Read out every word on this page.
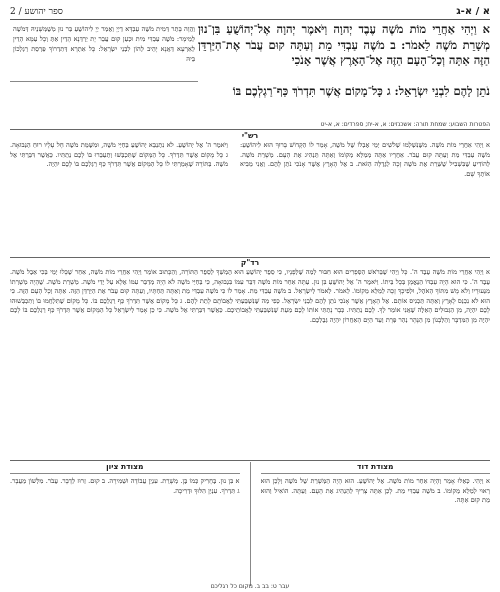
א / א-ג
ספר יהושע / 2
וַהֲוָה בָּתַר דְּמִית מֹשֶׁה עַבְדָּא דַיְיָ וַאֲמַר יְיָ לִיהוֹשֻׁעַ בַּר נוּן מְשֻׁמְּשָׁנֵיהּ דְּמֹשֶׁה לְמֵימָר: מֹשֶׁה עַבְדִּי מִית וּכְעַן קוּם עֲבַר יָת יַרְדְּנָא הָדֵין אַתְּ וְכָל עַמָּא הָדֵין לְאַרְעָא דַּאֲנָא יָהֵיב לְהוֹן לִבְנֵי יִשְׂרָאֵל: כָּל אַתְרָא דְּתִדְרוֹךְ פַּרְסַת רַגְלְכוֹן בֵּיהּ
א וַיְהִי אַחֲרֵי מוֹת מֹשֶׁה עֶבֶד יְהוָה וַיֹּאמֶר יְהוָה אֶל־יְהוֹשֻׁעַ בִּן־נוּן מְשָׁרֵת מֹשֶׁה לֵאמֹר: ב מֹשֶׁה עַבְדִּי מֵת וְעַתָּה קוּם עֲבֹר אֶת־הַיַּרְדֵּן הַזֶּה אַתָּה וְכָל־הָעָם הַזֶּה אֶל־הָאָרֶץ אֲשֶׁר אָנֹכִי
נֹתֵן לָהֶם לִבְנֵי יִשְׂרָאֵל: ג כָּל־מָקוֹם אֲשֶׁר תִּדְרֹךְ כַּף־רַגְלְכֶם בּוֹ
הפטרות השבוע: שמחת תורה: אשכנזים: א, א-יח; ספרדים: א, א-יט
רש"י
א וַיְהִי אַחֲרֵי מוֹת מֹשֶׁה. מִשֶּׁנִּשְׁלְמוּ שְׁלֹשִׁים יְמֵי אֶבְלוֹ שֶׁל מֹשֶׁה, אָמַר לוֹ הַקָּדוֹשׁ בָּרוּךְ הוּא לִיהוֹשֻׁעַ: מֹשֶׁה עַבְדִּי מֵת וְעַתָּה קוּם עֲבֹר. אַחֲרָיו אַתָּה מְמַלֵּא מְקוֹמוֹ וְאַתָּה תַּנְהִיג אֶת הָעָם. מְשָׁרֵת מֹשֶׁה. לְהוֹדִיעַ שֶׁבִּשְׁבִיל שֶׁשֵּׁרֵת אֶת מֹשֶׁה זָכָה לַגְּדֻלָּה הַזֹּאת. ב אֶל הָאָרֶץ אֲשֶׁר אָנֹכִי נֹתֵן לָהֶם. וַאֲנִי מֵבִיא אוֹתְךָ שָׁם.
וַיֹּאמֶר ה' אֶל יְהוֹשֻׁעַ. לֹא נִתְנַבֵּא יְהוֹשֻׁעַ בְּחַיֵּי מֹשֶׁה, וּמִשֶּׁמֵּת מֹשֶׁה חָל עָלָיו רוּחַ הַנְּבוּאָה. ג כָּל מָקוֹם אֲשֶׁר תִּדְרֹךְ. כָּל הַמָּקוֹם שֶׁתִּכְבְּשׁוּ וְתַעַבְרוּ בּוֹ לָכֶם נְתַתִּיו. כַּאֲשֶׁר דִּבַּרְתִּי אֶל מֹשֶׁה. בַּתּוֹרָה שֶׁאָמַרְתִּי לוֹ כָּל הַמָּקוֹם אֲשֶׁר תִּדְרֹךְ כַּף רַגְלְכֶם בּוֹ לָכֶם יִהְיֶה.
רד"ק
א וַיְהִי אַחֲרֵי מוֹת מֹשֶׁה עֶבֶד ה'. כָּל וַיְהִי שֶׁבְּרֹאשׁ הַסְּפָרִים הוּא חִבּוּר לְמַה שֶּׁלְּפָנָיו, כִּי סֵפֶר יְהוֹשֻׁעַ הוּא הֶמְשֵׁךְ לְסֵפֶר הַתּוֹרָה, וְהַכָּתוּב אוֹמֵר וַיְהִי אַחֲרֵי מוֹת מֹשֶׁה, אַחַר שֶׁכָּלוּ יְמֵי בְּכִי אֵבֶל מֹשֶׁה. עֶבֶד ה'. כִּי הוּא הָיָה עַבְדּוֹ הַנֶּאֱמָן בְּכָל בֵּיתוֹ. וַיֹּאמֶר ה' אֶל יְהוֹשֻׁעַ בִּן נוּן. עַתָּה אַחַר מוֹת מֹשֶׁה דִּבֵּר עִמּוֹ בִּנְבוּאָה, כִּי בְּחַיֵּי מֹשֶׁה לֹא הָיָה מְדַבֵּר עִמּוֹ אֶלָּא עַל יְדֵי מֹשֶׁה. מְשָׁרֵת מֹשֶׁה. שֶׁהָיָה מְשָׁרְתוֹ מִנְּעוּרָיו וְלֹא מָשׁ מִתּוֹךְ הָאֹהֶל, וּלְפִיכָךְ זָכָה לְמַלֵּא מְקוֹמוֹ. לֵאמֹר. לֵאמֹר לְיִשְׂרָאֵל. ב מֹשֶׁה עַבְדִּי מֵת. אָמַר לוֹ כִּי מֹשֶׁה עַבְדִּי מֵת וְאַתָּה תַּחְתָּיו, וְעַתָּה קוּם עֲבֹר אֶת הַיַּרְדֵּן הַזֶּה. אַתָּה וְכָל הָעָם הַזֶּה. כִּי הוּא לֹא נִכְנַס לָאָרֶץ וְאַתָּה תַּכְנִיס אוֹתָם. אֶל הָאָרֶץ אֲשֶׁר אָנֹכִי נֹתֵן לָהֶם לִבְנֵי יִשְׂרָאֵל. כְּפִי מַה שֶּׁנִּשְׁבַּעְתִּי לַאֲבוֹתָם לָתֵת לָהֶם. ג כָּל מָקוֹם אֲשֶׁר תִּדְרֹךְ כַּף רַגְלְכֶם בּוֹ. כָּל מָקוֹם שֶׁתִּלְחֲמוּ בּוֹ וְתִכְבְּשׁוּהוּ לָכֶם יִהְיֶה, מִן הַגְּבוּלִים הָאֵלֶּה שֶׁאֲנִי אוֹמֵר לְךָ. לָכֶם נְתַתִּיו. כְּבָר נָתַתִּי אוֹתוֹ לָכֶם מֵעֵת שֶׁנִּשְׁבַּעְתִּי לַאֲבוֹתֵיכֶם. כַּאֲשֶׁר דִּבַּרְתִּי אֶל מֹשֶׁה. כִּי כֵן אָמַר לְיִשְׂרָאֵל כָּל הַמָּקוֹם אֲשֶׁר תִּדְרֹךְ כַּף רַגְלְכֶם בּוֹ לָכֶם יִהְיֶה מִן הַמִּדְבָּר וְהַלְּבָנוֹן מִן הַנָּהָר נְהַר פְּרָת וְעַד הַיָּם הָאַחֲרוֹן יִהְיֶה גְּבֻלְכֶם.
מצודת דוד
א וַיְהִי. כְּאֵלּוּ אָמַר וְהָיָה אַחַר מוֹת מֹשֶׁה. אֶל יְהוֹשֻׁעַ. הוּא הָיָה הַמְּשָׁרֵת שֶׁל מֹשֶׁה וְלָכֵן הוּא רָאוּי לְמַלֵּא מְקוֹמוֹ. ב מֹשֶׁה עַבְדִּי מֵת. לָכֵן אַתָּה צָרִיךְ לְהַנְהִיג אֶת הָעָם. וְעַתָּה. הוֹאִיל וְהוּא מֵת קוּם אַתָּה.
מצודת ציון
א בִּן נוּן. בֶּחָרִיק כְּמוֹ בֶּן. מְשָׁרֵת. עִנְיַן עֲבוֹדָה וּשְׁמִירָה. ב קוּם. זֵרוּז לְדָבָר. עֲבֹר. מִלְּשׁוֹן מַעֲבָר. ג תִּדְרֹךְ. עִנְיַן הִלּוּךְ וּדְרִיכָה.
עבר ט: בב ב. מקום כל רגליכם
